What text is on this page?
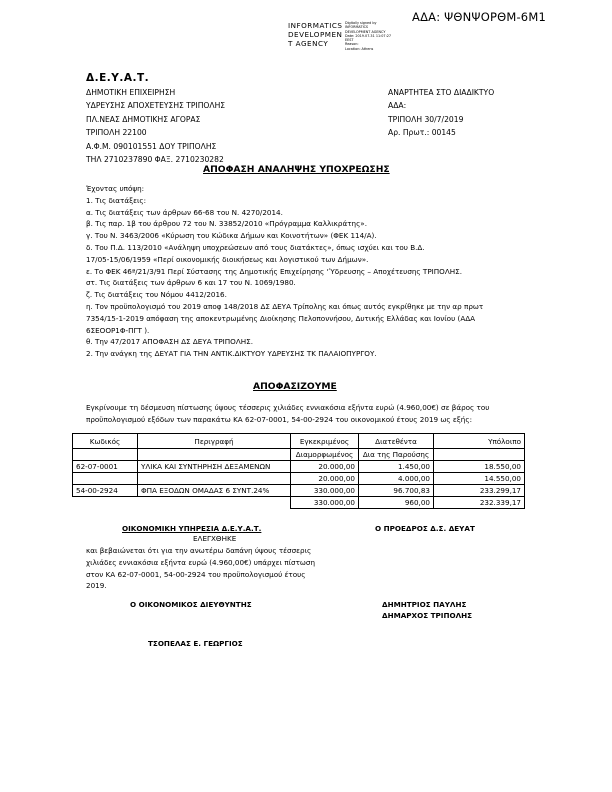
ΑΔΑ: ΨΘΝΨΟΡΘΜ-6Μ1
INFORMATICS
DEVELOPMEN
T AGENCY
Digitally signed by
INFORMATICS
DEVELOPMENT AGENCY
Date: 2019.07.31 11:07:27
EEST
Reason:
Location: Athens
Δ.Ε.Υ.Α.Τ.
ΔΗΜΟΤΙΚΗ ΕΠΙΧΕΙΡΗΣΗ
ΥΔΡΕΥΣΗΣ ΑΠΟΧΕΤΕΥΣΗΣ ΤΡΙΠΟΛΗΣ
ΠΛ.ΝΕΑΣ ΔΗΜΟΤΙΚΗΣ ΑΓΟΡΑΣ
ΤΡΙΠΟΛΗ 22100
Α.Φ.Μ. 090101551 ΔΟΥ ΤΡΙΠΟΛΗΣ
ΤΗΛ 2710237890 ΦΑΞ. 2710230282
ΑΝΑΡΤΗΤΕΑ ΣΤΟ ΔΙΑΔΙΚΤΥΟ
ΑΔΑ:
ΤΡΙΠΟΛΗ 30/7/2019
Αρ. Πρωτ.: 00145
ΑΠΟΦΑΣΗ ΑΝΑΛΗΨΗΣ ΥΠΟΧΡΕΩΣΗΣ
Έχοντας υπόψη:
1. Τις διατάξεις:
α. Τις διατάξεις των άρθρων 66-68 του Ν. 4270/2014.
β. Τις παρ. 1β του άρθρου 72 του Ν. 33852/2010 «Πρόγραμμα Καλλικράτης».
γ. Του Ν. 3463/2006 «Κύρωση του Κώδικα Δήμων και Κοινοτήτων» (ΦΕΚ 114/Α).
δ. Του Π.Δ. 113/2010 «Ανάληψη υποχρεώσεων από τους διατάκτες», όπως ισχύει και του Β.Δ.
17/05-15/06/1959 «Περί οικονομικής διοικήσεως και λογιστικού των Δήμων».
ε. Το ΦΕΚ 46ª/21/3/91 Περί Σύστασης της Δημοτικής Επιχείρησης ‘Ύδρευσης – Αποχέτευσης ΤΡΙΠΟΛΗΣ.
στ. Τις διατάξεις των άρθρων 6 και 17 του Ν. 1069/1980.
ζ. Τις διατάξεις του Νόμου 4412/2016.
η. Τον προϋπολογισμό του 2019 αποφ 148/2018 ΔΣ ΔΕΥΑ Τρίπολης και όπως αυτός εγκρίθηκε με την αρ πρωτ
7354/15-1-2019 απόφαση της αποκεντρωμένης Διοίκησης Πελοποννήσου, Δυτικής Ελλάδας και Ιονίου (ΑΔΑ
6ΣΕΟΟΡ1Φ-ΠΓΤ ).
θ. Την 47/2017 ΑΠΟΦΑΣΗ ΔΣ ΔΕΥΑ ΤΡΙΠΟΛΗΣ.
2. Την ανάγκη της ΔΕΥΑΤ ΓΙΑ ΤΗΝ ΑΝΤΙΚ.ΔΙΚΤΥΟΥ ΥΔΡΕΥΣΗΣ ΤΚ ΠΑΛΑΙΟΠΥΡΓΟΥ.
ΑΠΟΦΑΣΙΖΟΥΜΕ
Εγκρίνουμε τη δέσμευση πίστωσης ύψους τέσσερις χιλιάδες εννιακόσια εξήντα ευρώ (4.960,00€) σε βάρος του
προϋπολογισμού εξόδων των παρακάτω ΚΑ 62-07-0001, 54-00-2924 του οικονομικού έτους 2019 ως εξής:
Κωδικός	Περιγραφή	Εγκεκριμένος	Διατεθέντα	Υπόλοιπο
		Διαμορφωμένος	Δια της Παρούσης	
62-07-0001	ΥΛΙΚΑ ΚΑΙ ΣΥΝΤΗΡΗΣΗ ΔΕΞΑΜΕΝΩΝ	20.000,00	1.450,00	18.550,00
		20.000,00	4.000,00	14.550,00
54-00-2924	ΦΠΑ ΕΞΟΔΩΝ ΟΜΑΔΑΣ 6 ΣΥΝΤ.24%	330.000,00	96.700,83	233.299,17
		330.000,00	960,00	232.339,17
ΟΙΚΟΝΟΜΙΚΗ ΥΠΗΡΕΣΙΑ Δ.Ε.Υ.Α.Τ.
ΕΛΕΓΧΘΗΚΕ
και βεβαιώνεται ότι για την ανωτέρω δαπάνη ύψους τέσσερις
χιλιάδες εννιακόσια εξήντα ευρώ (4.960,00€) υπάρχει πίστωση
στον ΚΑ 62-07-0001, 54-00-2924 του προϋπολογισμού έτους
2019.
Ο ΠΡΟΕΔΡΟΣ Δ.Σ. ΔΕΥΑΤ
Ο ΟΙΚΟΝΟΜΙΚΟΣ ΔΙΕΥΘΥΝΤΗΣ	ΔΗΜΗΤΡΙΟΣ ΠΑΥΛΗΣ
ΔΗΜΑΡΧΟΣ ΤΡΙΠΟΛΗΣ
ΤΣΟΠΕΛΑΣ Ε. ΓΕΩΡΓΙΟΣ
